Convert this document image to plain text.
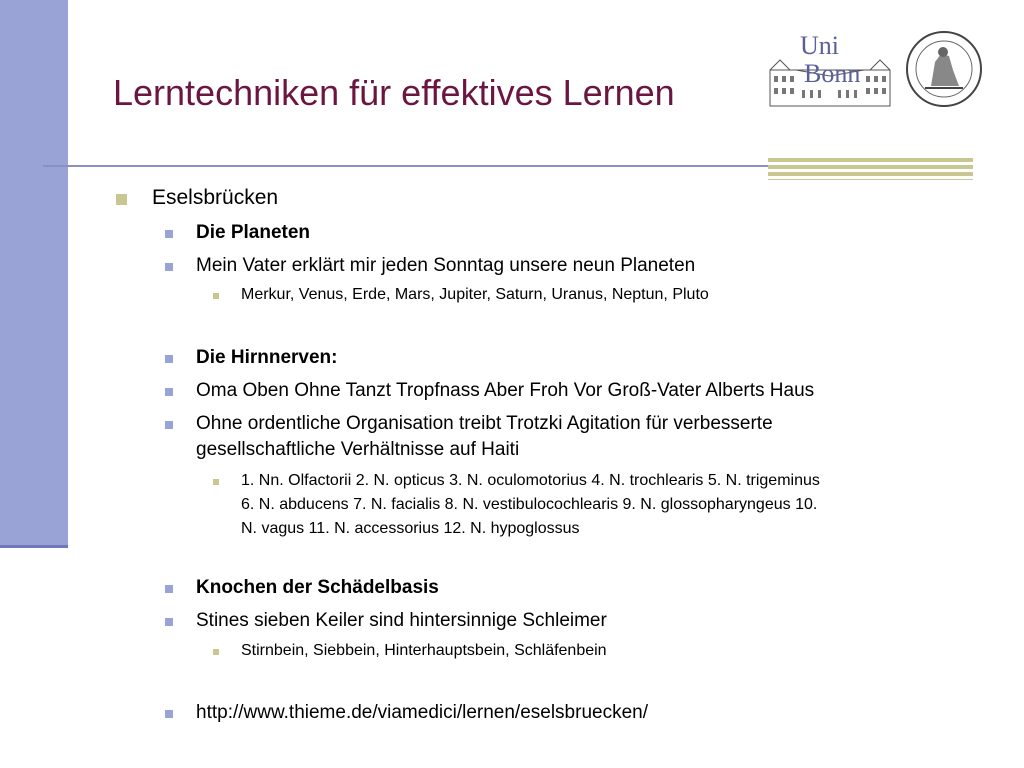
Lerntechniken für effektives Lernen
Uni
Bonn
Eselsbrücken
Die Planeten
Mein Vater erklärt mir jeden Sonntag unsere neun Planeten
Merkur, Venus, Erde, Mars, Jupiter, Saturn, Uranus, Neptun, Pluto
Die Hirnnerven:
Oma Oben Ohne Tanzt Tropfnass Aber Froh Vor Groß-Vater Alberts Haus
Ohne ordentliche Organisation treibt Trotzki Agitation für verbesserte
gesellschaftliche Verhältnisse auf Haiti
1. Nn. Olfactorii 2. N. opticus 3. N. oculomotorius 4. N. trochlearis 5. N. trigeminus
6. N. abducens 7. N. facialis 8. N. vestibulocochlearis 9. N. glossopharyngeus 10.
N. vagus 11. N. accessorius 12. N. hypoglossus
Knochen der Schädelbasis
Stines sieben Keiler sind hintersinnige Schleimer
Stirnbein, Siebbein, Hinterhauptsbein, Schläfenbein
http://www.thieme.de/viamedici/lernen/eselsbruecken/
